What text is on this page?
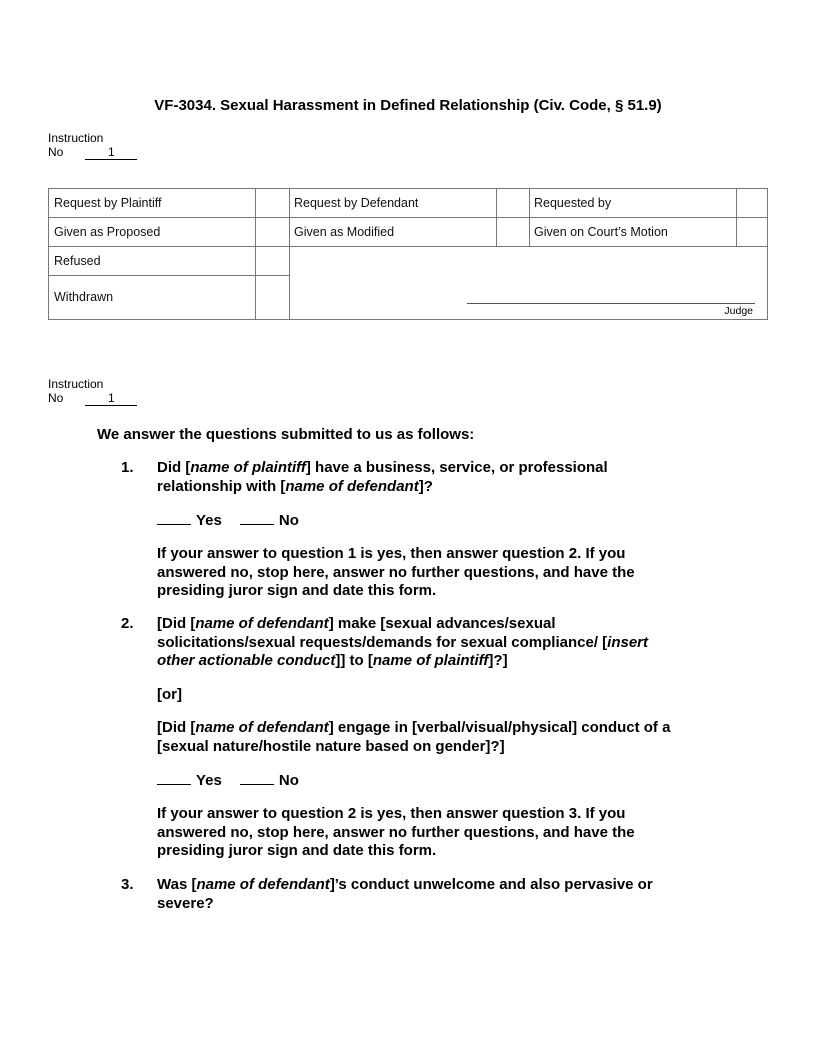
VF-3034. Sexual Harassment in Defined Relationship (Civ. Code, § 51.9)
Instruction
No	1
Request by Plaintiff	Request by Defendant	Requested by
Given as Proposed	Given as Modified	Given on Court’s Motion
Refused
Withdrawn
Judge
Instruction
No	1
We answer the questions submitted to us as follows:
1. Did [name of plaintiff] have a business, service, or professional
relationship with [name of defendant]?
Yes	No
If your answer to question 1 is yes, then answer question 2. If you
answered no, stop here, answer no further questions, and have the
presiding juror sign and date this form.
2. [Did [name of defendant] make [sexual advances/sexual
solicitations/sexual requests/demands for sexual compliance/ [insert
other actionable conduct]] to [name of plaintiff]?]
[or]
[Did [name of defendant] engage in [verbal/visual/physical] conduct of a
[sexual nature/hostile nature based on gender]?]
Yes	No
If your answer to question 2 is yes, then answer question 3. If you
answered no, stop here, answer no further questions, and have the
presiding juror sign and date this form.
3. Was [name of defendant]’s conduct unwelcome and also pervasive or
severe?
